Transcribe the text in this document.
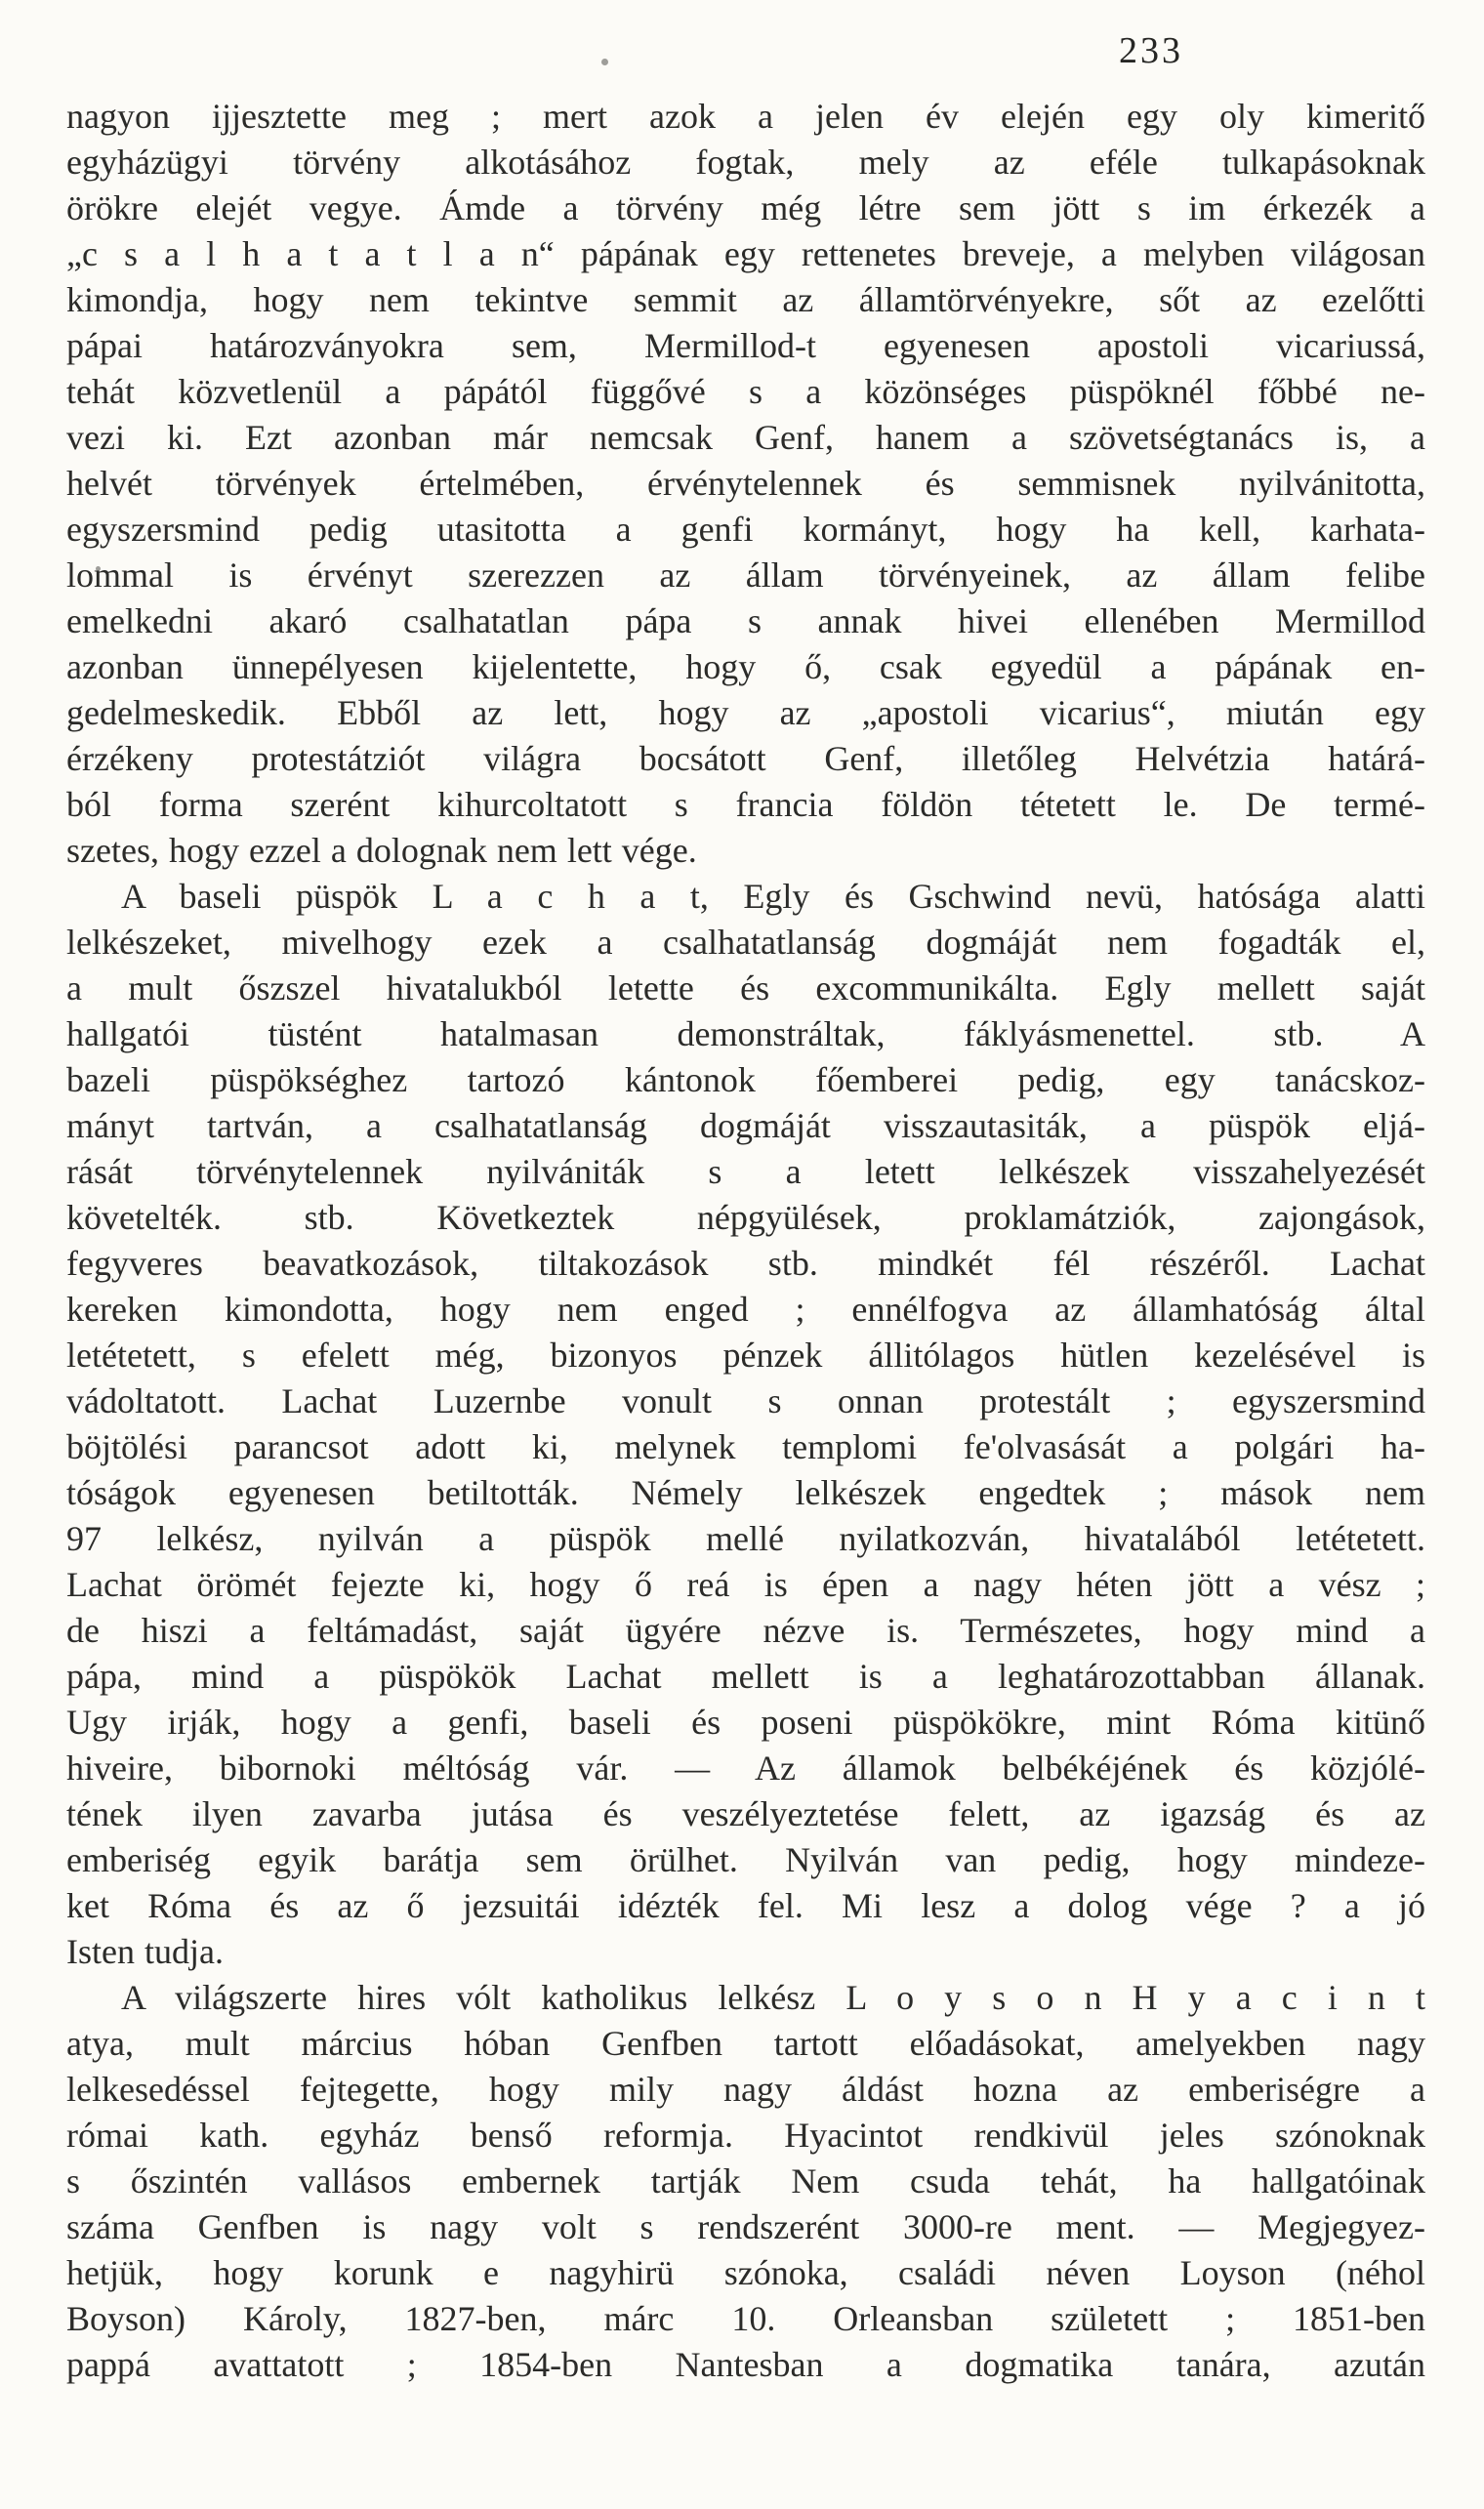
233
nagyon ijjesztette meg ; mert azok a jelen év elején egy oly kimeritő
egyházügyi törvény alkotásához fogtak, mely az eféle tulkapásoknak
örökre elejét vegye. Ámde a törvény még létre sem jött s im érkezék a
„c s a l h a t a t l a n“ pápának egy rettenetes breveje, a melyben világosan
kimondja, hogy nem tekintve semmit az államtörvényekre, sőt az ezelőtti
pápai határozványokra sem, Mermillod-t egyenesen apostoli vicariussá,
tehát közvetlenül a pápától függővé s a közönséges püspöknél főbbé ne-
vezi ki. Ezt azonban már nemcsak Genf, hanem a szövetségtanács is, a
helvét törvények értelmében, érvénytelennek és semmisnek nyilvánitotta,
egyszersmind pedig utasitotta a genfi kormányt, hogy ha kell, karhata-
lommal is érvényt szerezzen az állam törvényeinek, az állam felibe
emelkedni akaró csalhatatlan pápa s annak hivei ellenében Mermillod
azonban ünnepélyesen kijelentette, hogy ő, csak egyedül a pápának en-
gedelmeskedik. Ebből az lett, hogy az „apostoli vicarius“, miután egy
érzékeny protestátziót világra bocsátott Genf, illetőleg Helvétzia határá-
ból forma szerént kihurcoltatott s francia földön tétetett le. De termé-
szetes, hogy ezzel a dolognak nem lett vége.
A baseli püspök L a c h a t, Egly és Gschwind nevü, hatósága alatti
lelkészeket, mivelhogy ezek a csalhatatlanság dogmáját nem fogadták el,
a mult őszszel hivatalukból letette és excommunikálta. Egly mellett saját
hallgatói tüstént hatalmasan demonstráltak, fáklyásmenettel. stb. A
bazeli püspökséghez tartozó kántonok főemberei pedig, egy tanácskoz-
mányt tartván, a csalhatatlanság dogmáját visszautasiták, a püspök eljá-
rását törvénytelennek nyilvániták s a letett lelkészek visszahelyezését
követelték. stb. Következtek népgyülések, proklamátziók, zajongások,
fegyveres beavatkozások, tiltakozások stb. mindkét fél részéről. Lachat
kereken kimondotta, hogy nem enged ; ennélfogva az államhatóság által
letétetett, s efelett még, bizonyos pénzek állitólagos hütlen kezelésével is
vádoltatott. Lachat Luzernbe vonult s onnan protestált ; egyszersmind
böjtölési parancsot adott ki, melynek templomi fe'olvasását a polgári ha-
tóságok egyenesen betiltották. Némely lelkészek engedtek ; mások nem
97 lelkész, nyilván a püspök mellé nyilatkozván, hivatalából letétetett.
Lachat örömét fejezte ki, hogy ő reá is épen a nagy héten jött a vész ;
de hiszi a feltámadást, saját ügyére nézve is. Természetes, hogy mind a
pápa, mind a püspökök Lachat mellett is a leghatározottabban állanak.
Ugy irják, hogy a genfi, baseli és poseni püspökökre, mint Róma kitünő
hiveire, bibornoki méltóság vár. — Az államok belbékéjének és közjólé-
tének ilyen zavarba jutása és veszélyeztetése felett, az igazság és az
emberiség egyik barátja sem örülhet. Nyilván van pedig, hogy mindeze-
ket Róma és az ő jezsuitái idézték fel. Mi lesz a dolog vége ? a jó
Isten tudja.
A világszerte hires vólt katholikus lelkész L o y s o n H y a c i n t
atya, mult március hóban Genfben tartott előadásokat, amelyekben nagy
lelkesedéssel fejtegette, hogy mily nagy áldást hozna az emberiségre a
római kath. egyház benső reformja. Hyacintot rendkivül jeles szónoknak
s őszintén vallásos embernek tartják Nem csuda tehát, ha hallgatóinak
száma Genfben is nagy volt s rendszerént 3000-re ment. — Megjegyez-
hetjük, hogy korunk e nagyhirü szónoka, családi néven Loyson (néhol
Boyson) Károly, 1827-ben, márc 10. Orleansban született ; 1851-ben
pappá avattatott ; 1854-ben Nantesban a dogmatika tanára, azután
